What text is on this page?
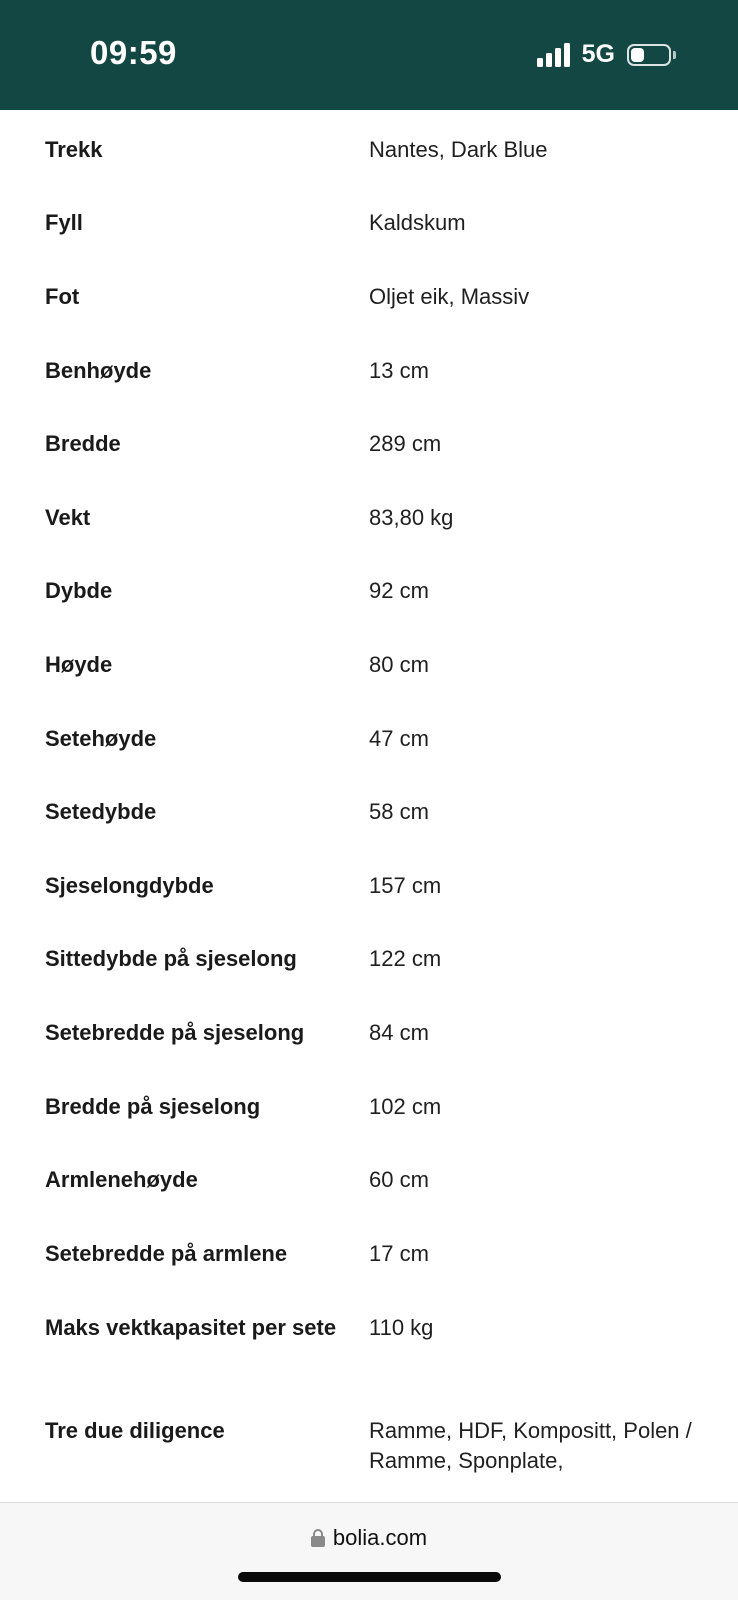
09:59	5G
Trekk	Nantes, Dark Blue
Fyll	Kaldskum
Fot	Oljet eik, Massiv
Benhøyde	13 cm
Bredde	289 cm
Vekt	83,80 kg
Dybde	92 cm
Høyde	80 cm
Setehøyde	47 cm
Setedybde	58 cm
Sjeselongdybde	157 cm
Sittedybde på sjeselong	122 cm
Setebredde på sjeselong	84 cm
Bredde på sjeselong	102 cm
Armlenehøyde	60 cm
Setebredde på armlene	17 cm
Maks vektkapasitet per sete	110 kg
Tre due diligence	Ramme, HDF, Kompositt, Polen / Ramme, Sponplate,
bolia.com
